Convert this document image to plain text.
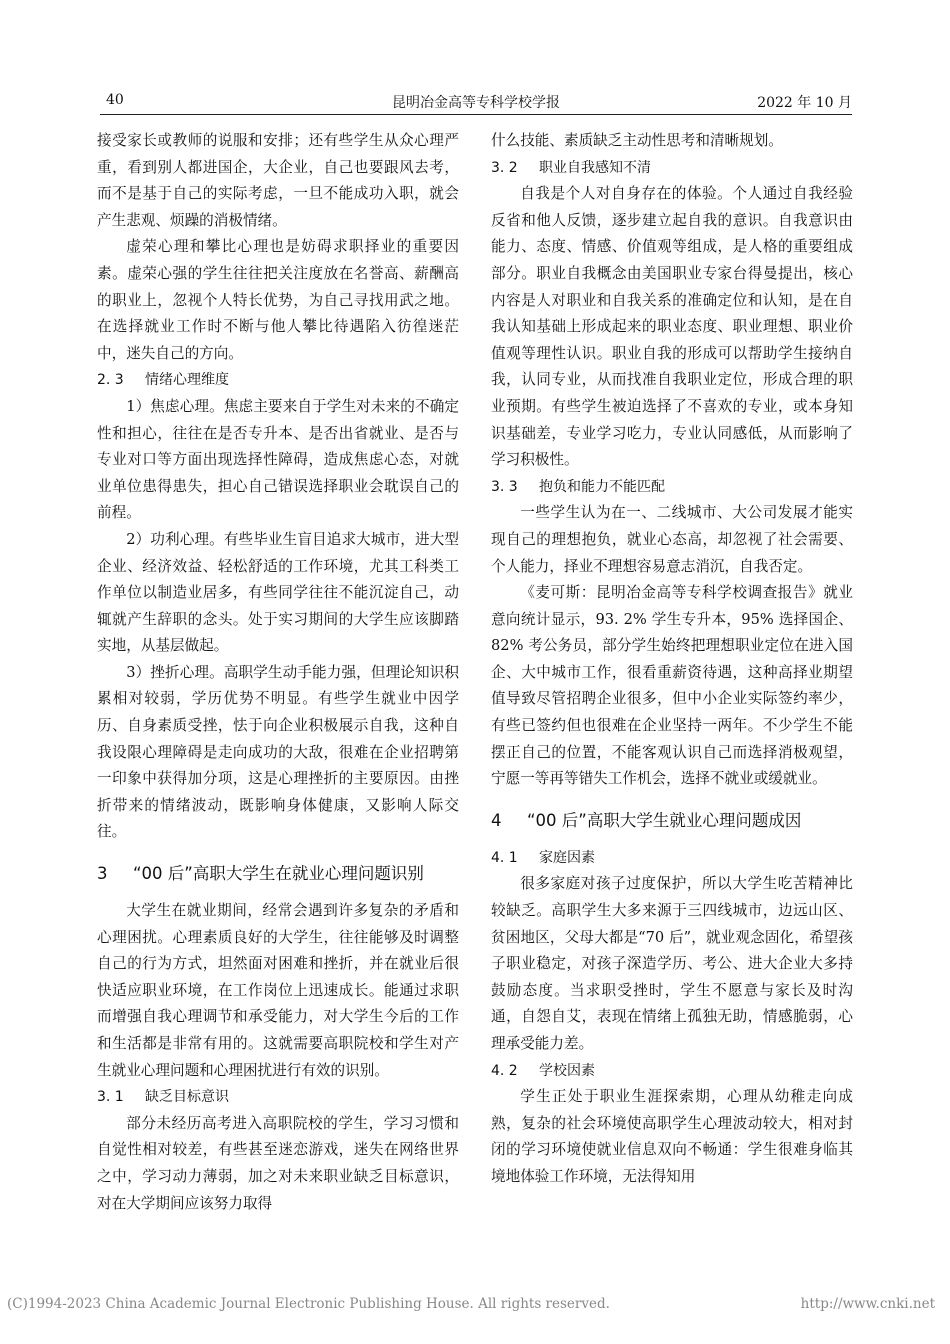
40	昆明冶金高等专科学校学报	2022 年 10 月

接受家长或教师的说服和安排；还有些学生从众心理严重，看到别人都进国企，大企业，自己也要跟风去考，而不是基于自己的实际考虑，一旦不能成功入职，就会产生悲观、烦躁的消极情绪。

虚荣心理和攀比心理也是妨碍求职择业的重要因素。虚荣心强的学生往往把关注度放在名誉高、薪酬高的职业上，忽视个人特长优势，为自己寻找用武之地。在选择就业工作时不断与他人攀比待遇陷入彷徨迷茫中，迷失自己的方向。

2. 3 情绪心理维度

1）焦虑心理。焦虑主要来自于学生对未来的不确定性和担心，往往在是否专升本、是否出省就业、是否与专业对口等方面出现选择性障碍，造成焦虑心态，对就业单位患得患失，担心自己错误选择职业会耽误自己的前程。

2）功利心理。有些毕业生盲目追求大城市，进大型企业、经济效益、轻松舒适的工作环境，尤其工科类工作单位以制造业居多，有些同学往往不能沉淀自己，动辄就产生辞职的念头。处于实习期间的大学生应该脚踏实地，从基层做起。

3）挫折心理。高职学生动手能力强，但理论知识积累相对较弱，学历优势不明显。有些学生就业中因学历、自身素质受挫，怯于向企业积极展示自我，这种自我设限心理障碍是走向成功的大敌，很难在企业招聘第一印象中获得加分项，这是心理挫折的主要原因。由挫折带来的情绪波动，既影响身体健康，又影响人际交往。

3	“00 后”高职大学生在就业心理问题识别

大学生在就业期间，经常会遇到许多复杂的矛盾和心理困扰。心理素质良好的大学生，往往能够及时调整自己的行为方式，坦然面对困难和挫折，并在就业后很快适应职业环境，在工作岗位上迅速成长。能通过求职而增强自我心理调节和承受能力，对大学生今后的工作和生活都是非常有用的。这就需要高职院校和学生对产生就业心理问题和心理困扰进行有效的识别。

3. 1 缺乏目标意识

部分未经历高考进入高职院校的学生，学习习惯和自觉性相对较差，有些甚至迷恋游戏，迷失在网络世界之中，学习动力薄弱，加之对未来职业缺乏目标意识，对在大学期间应该努力取得

什么技能、素质缺乏主动性思考和清晰规划。

3. 2 职业自我感知不清

自我是个人对自身存在的体验。个人通过自我经验反省和他人反馈，逐步建立起自我的意识。自我意识由能力、态度、情感、价值观等组成，是人格的重要组成部分。职业自我概念由美国职业专家台得曼提出，核心内容是人对职业和自我关系的准确定位和认知，是在自我认知基础上形成起来的职业态度、职业理想、职业价值观等理性认识。职业自我的形成可以帮助学生接纳自我，认同专业，从而找准自我职业定位，形成合理的职业预期。有些学生被迫选择了不喜欢的专业，或本身知识基础差，专业学习吃力，专业认同感低，从而影响了学习积极性。

3. 3 抱负和能力不能匹配

一些学生认为在一、二线城市、大公司发展才能实现自己的理想抱负，就业心态高，却忽视了社会需要、个人能力，择业不理想容易意志消沉，自我否定。

《麦可斯：昆明冶金高等专科学校调查报告》就业意向统计显示，93. 2% 学生专升本，95% 选择国企、82% 考公务员，部分学生始终把理想职业定位在进入国企、大中城市工作，很看重薪资待遇，这种高择业期望值导致尽管招聘企业很多，但中小企业实际签约率少，有些已签约但也很难在企业坚持一两年。不少学生不能摆正自己的位置，不能客观认识自己而选择消极观望，宁愿一等再等错失工作机会，选择不就业或缓就业。

4	“00 后”高职大学生就业心理问题成因

4. 1 家庭因素

很多家庭对孩子过度保护，所以大学生吃苦精神比较缺乏。高职学生大多来源于三四线城市，边远山区、贫困地区，父母大都是“70 后”，就业观念固化，希望孩子职业稳定，对孩子深造学历、考公、进大企业大多持鼓励态度。当求职受挫时，学生不愿意与家长及时沟通，自怨自艾，表现在情绪上孤独无助，情感脆弱，心理承受能力差。

4. 2 学校因素

学生正处于职业生涯探索期，心理从幼稚走向成熟，复杂的社会环境使高职学生心理波动较大，相对封闭的学习环境使就业信息双向不畅通：学生很难身临其境地体验工作环境，无法得知用

(C)1994-2023 China Academic Journal Electronic Publishing House. All rights reserved.	http://www.cnki.net
